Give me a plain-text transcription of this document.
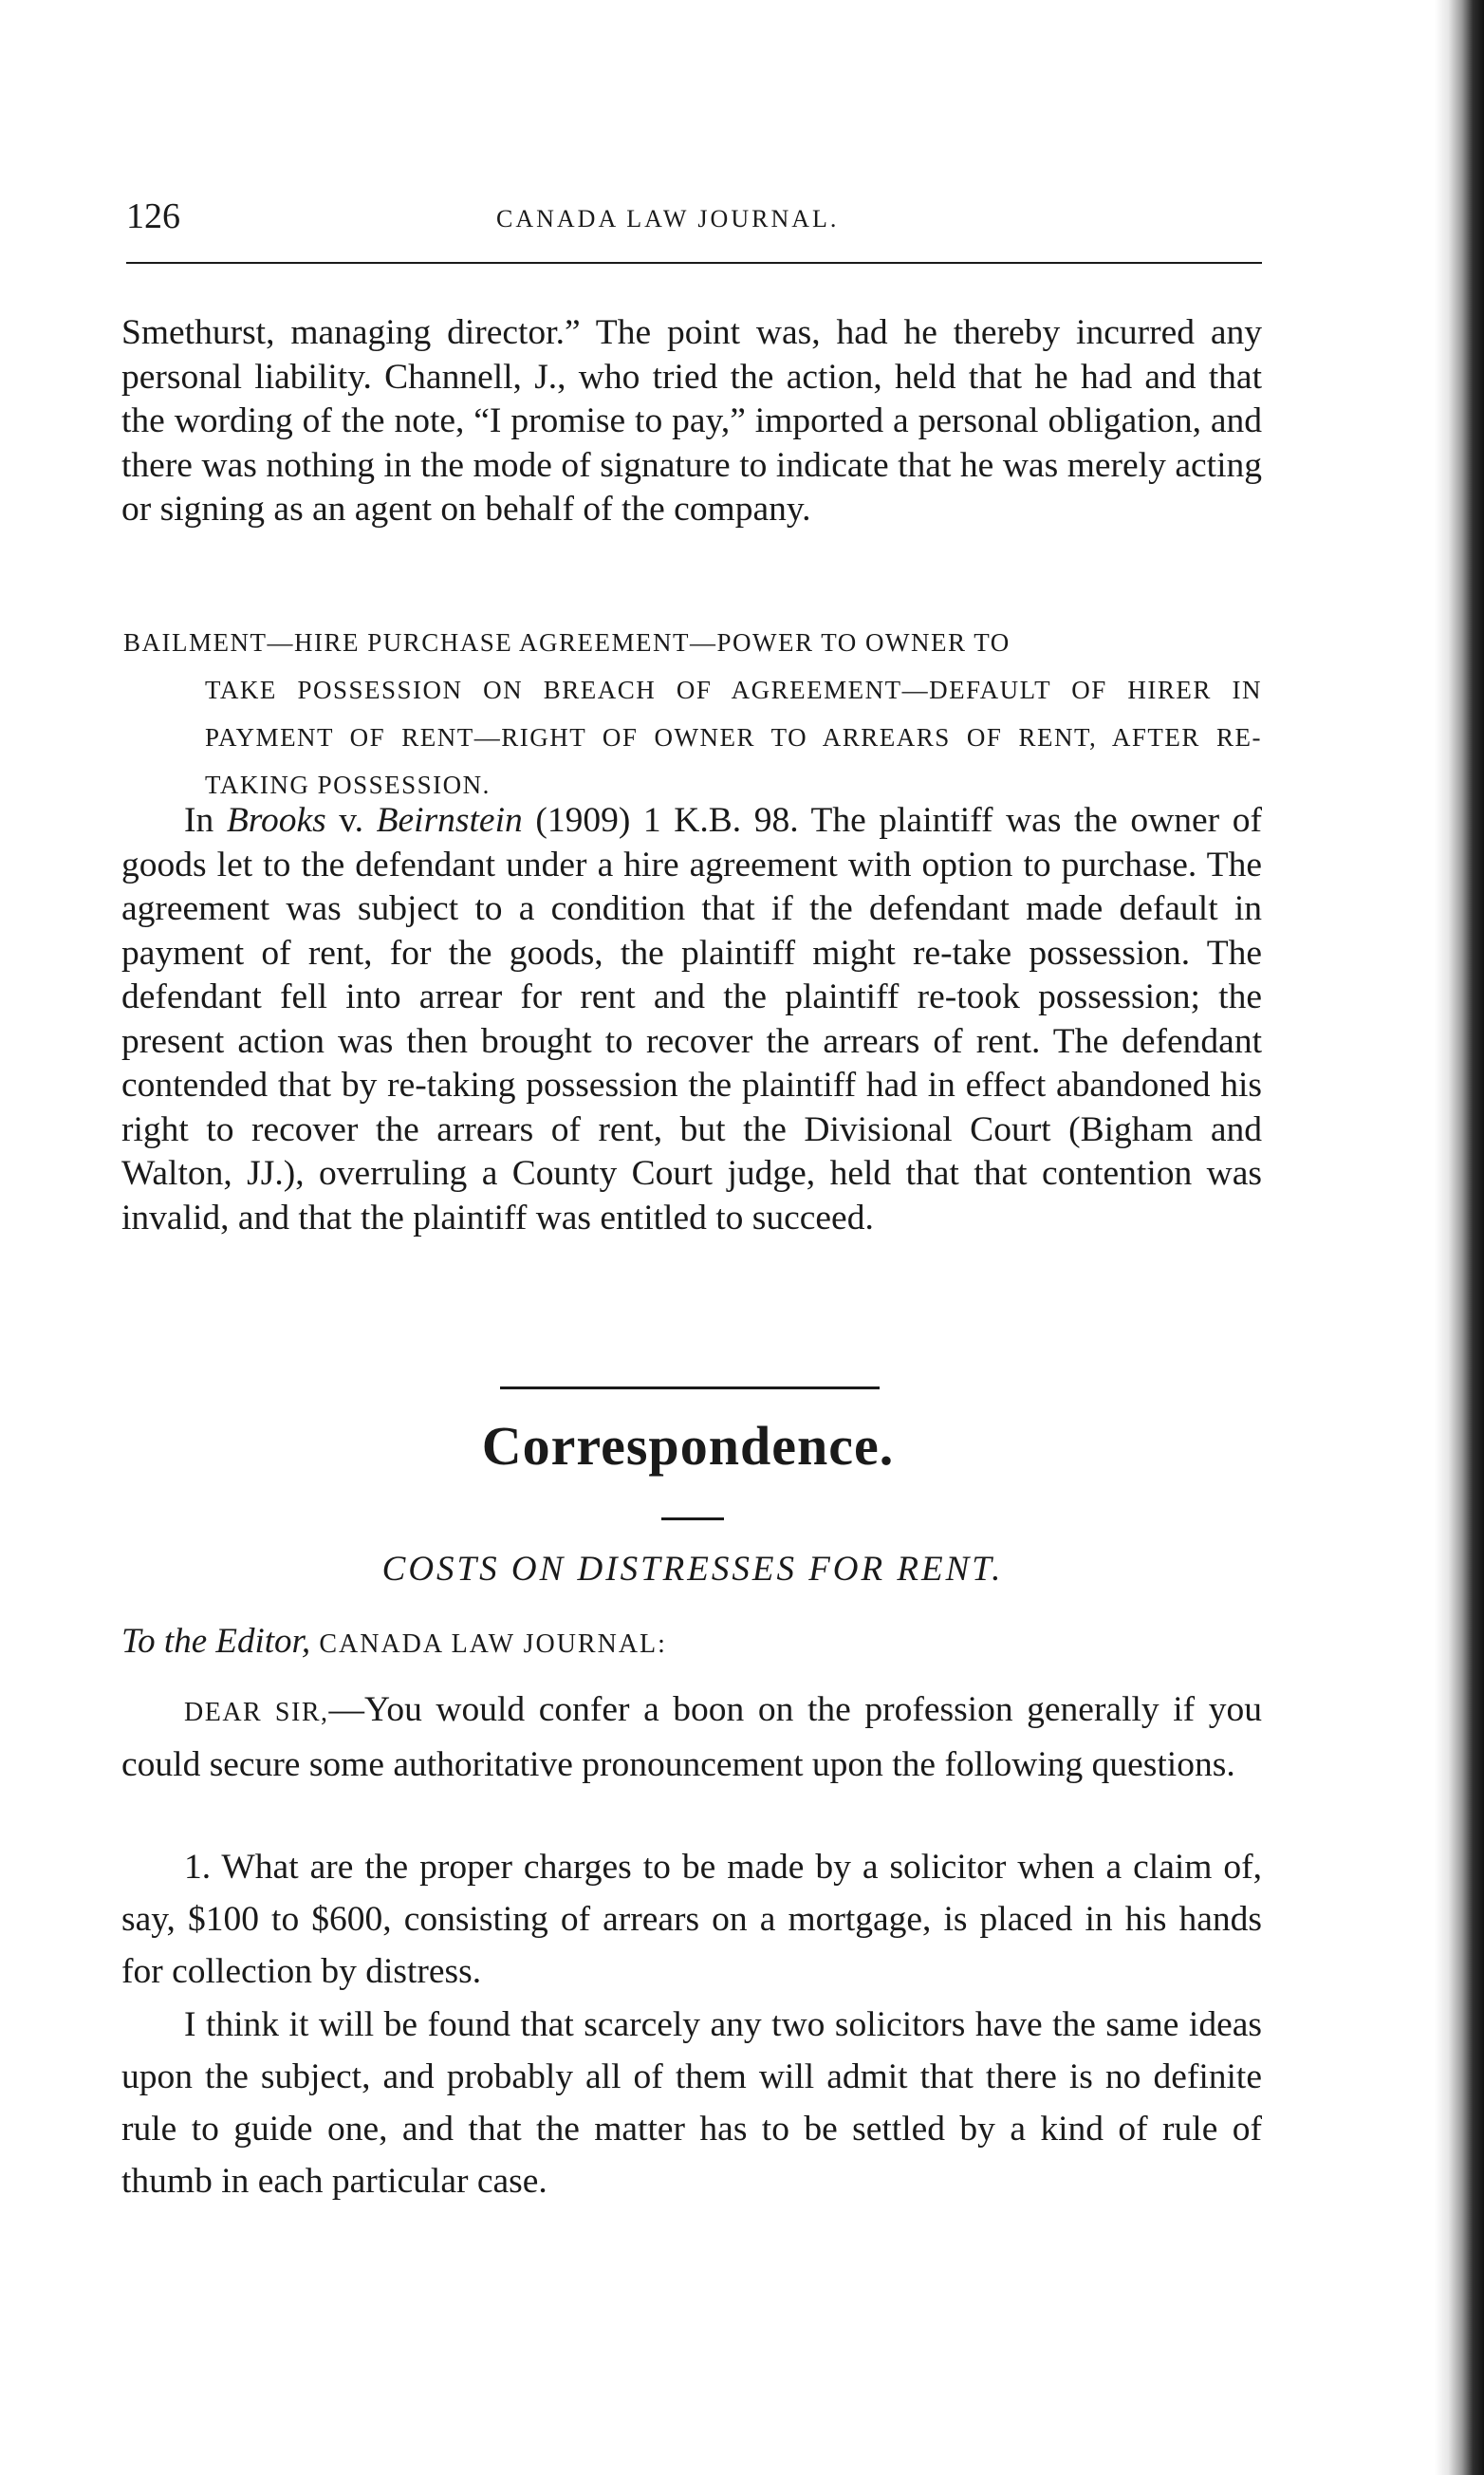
126	CANADA LAW JOURNAL.

Smethurst, managing director.” The point was, had he thereby incurred any personal liability. Channell, J., who tried the action, held that he had and that the wording of the note, “I promise to pay,” imported a personal obligation, and there was nothing in the mode of signature to indicate that he was merely acting or signing as an agent on behalf of the company.

BAILMENT—HIRE PURCHASE AGREEMENT—POWER TO OWNER TO
TAKE POSSESSION ON BREACH OF AGREEMENT—DEFAULT OF HIRER IN PAYMENT OF RENT—RIGHT OF OWNER TO ARREARS OF RENT, AFTER RE-TAKING POSSESSION.

In Brooks v. Beirnstein (1909) 1 K.B. 98. The plaintiff was the owner of goods let to the defendant under a hire agreement with option to purchase. The agreement was subject to a condition that if the defendant made default in payment of rent, for the goods, the plaintiff might re-take possession. The defendant fell into arrear for rent and the plaintiff re-took possession; the present action was then brought to recover the arrears of rent. The defendant contended that by re-taking possession the plaintiff had in effect abandoned his right to recover the arrears of rent, but the Divisional Court (Bigham and Walton, JJ.), overruling a County Court judge, held that that contention was invalid, and that the plaintiff was entitled to succeed.

Correspondence.
COSTS ON DISTRESSES FOR RENT.
To the Editor, CANADA LAW JOURNAL:

DEAR SIR,—You would confer a boon on the profession generally if you could secure some authoritative pronouncement upon the following questions.

1. What are the proper charges to be made by a solicitor when a claim of, say, $100 to $600, consisting of arrears on a mortgage, is placed in his hands for collection by distress.

I think it will be found that scarcely any two solicitors have the same ideas upon the subject, and probably all of them will admit that there is no definite rule to guide one, and that the matter has to be settled by a kind of rule of thumb in each particular case.
